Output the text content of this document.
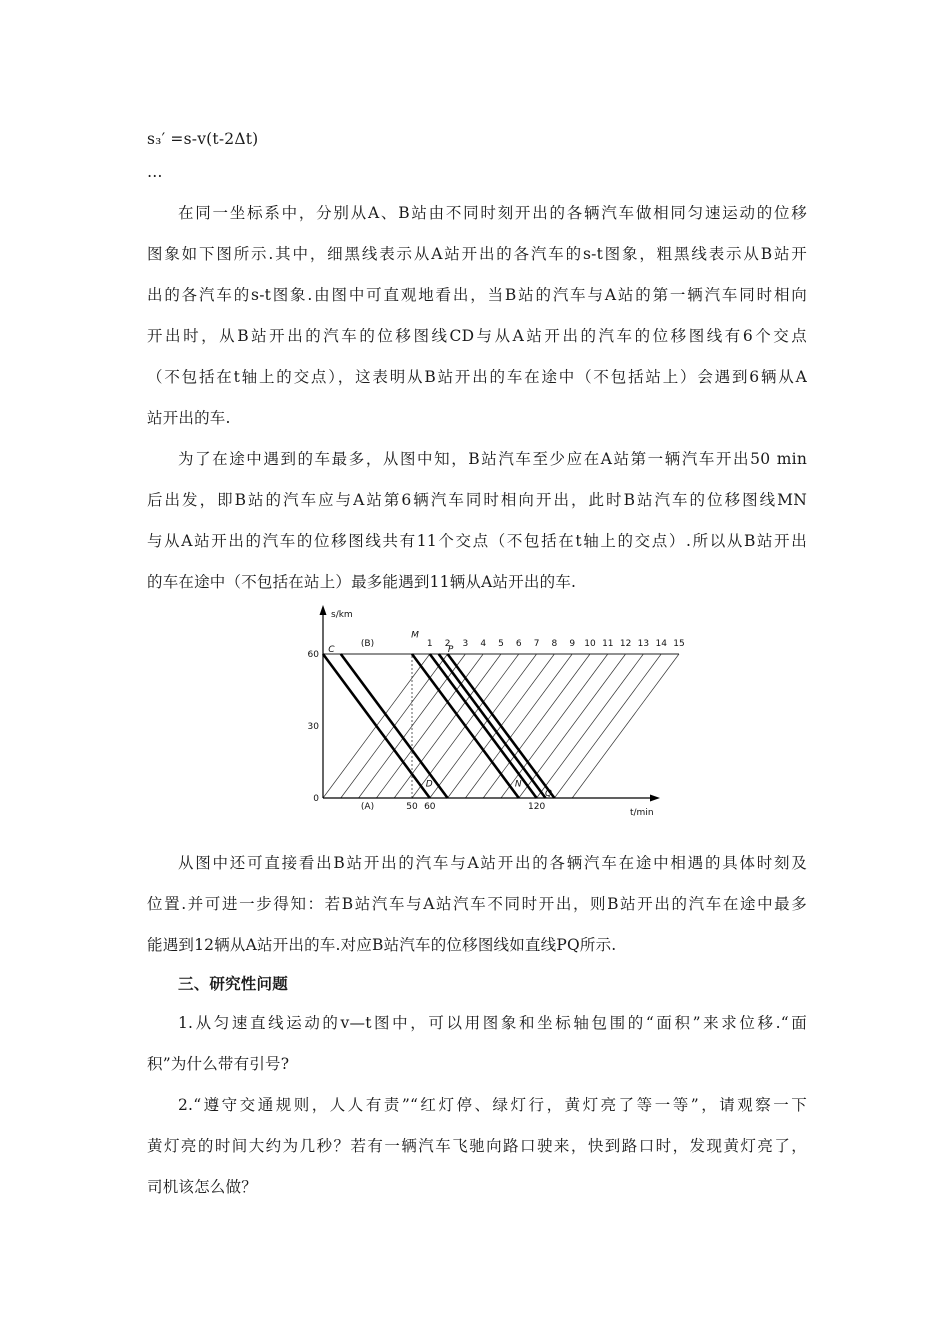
s₃′ =s-v(t-2Δt)
…
在同一坐标系中，分别从A、B站由不同时刻开出的各辆汽车做相同匀速运动的位移
图象如下图所示.其中，细黑线表示从A站开出的各汽车的s-t图象，粗黑线表示从B站开
出的各汽车的s-t图象.由图中可直观地看出，当B站的汽车与A站的第一辆汽车同时相向
开出时，从B站开出的汽车的位移图线CD与从A站开出的汽车的位移图线有6个交点
（不包括在t轴上的交点），这表明从B站开出的车在途中（不包括站上）会遇到6辆从A
站开出的车.
为了在途中遇到的车最多，从图中知，B站汽车至少应在A站第一辆汽车开出50 min
后出发，即B站的汽车应与A站第6辆汽车同时相向开出，此时B站汽车的位移图线MN
与从A站开出的汽车的位移图线共有11个交点（不包括在t轴上的交点）.所以从B站开出
的车在途中（不包括在站上）最多能遇到11辆从A站开出的车.
s/km
t/min
0
30
60
50 60	120
(B)
(A)
1 2 3 4 5 6 7 8 9 10 11 12 13 14 15
C
M
P
D	N
Q
从图中还可直接看出B站开出的汽车与A站开出的各辆汽车在途中相遇的具体时刻及
位置.并可进一步得知：若B站汽车与A站汽车不同时开出，则B站开出的汽车在途中最多
能遇到12辆从A站开出的车.对应B站汽车的位移图线如直线PQ所示.
三、研究性问题
1.从匀速直线运动的v—t图中，可以用图象和坐标轴包围的“面积”来求位移.“面
积”为什么带有引号?
2.“遵守交通规则，人人有责”“红灯停、绿灯行，黄灯亮了等一等”，请观察一下
黄灯亮的时间大约为几秒？若有一辆汽车飞驰向路口驶来，快到路口时，发现黄灯亮了，
司机该怎么做？
